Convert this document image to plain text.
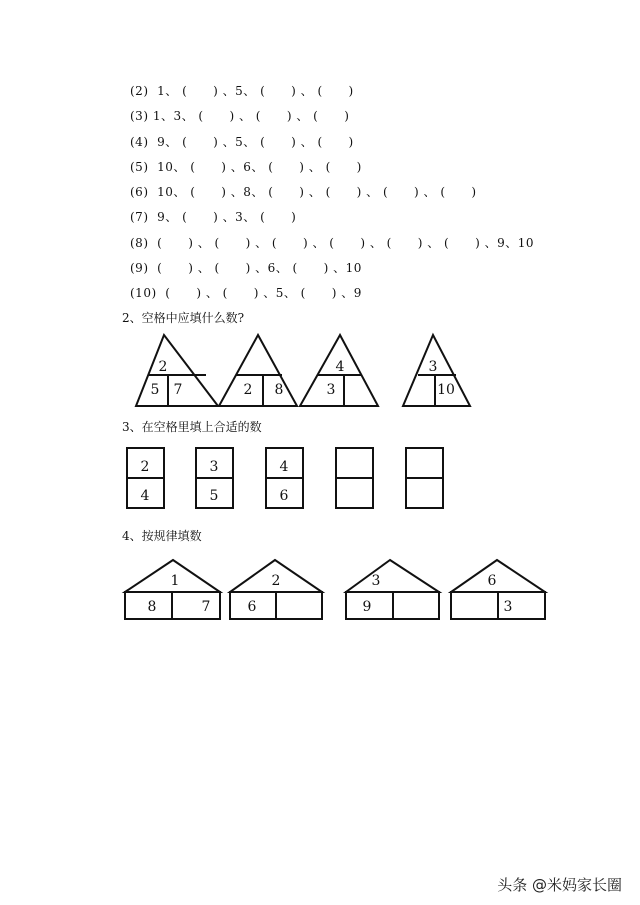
(2)  1、 (      ) 、5、 (      ) 、 (      )
(3) 1、3、 (      ) 、 (      ) 、 (      )
(4)  9、 (      ) 、5、 (      ) 、 (      )
(5)  10、 (      ) 、6、 (      ) 、 (      )
(6)  10、 (      ) 、8、 (      ) 、 (      ) 、 (      ) 、 (      )
(7)  9、 (      ) 、3、 (      )
(8)  (      ) 、 (      ) 、 (      ) 、 (      ) 、 (      ) 、 (      ) 、9、10
(9)  (      ) 、 (      ) 、6、 (      ) 、10
(10)  (      ) 、 (      ) 、5、 (      ) 、9
2、空格中应填什么数?
2
5 7	2 8
4
3
3
10
3、在空格里填上合适的数
2
4
3
5
4
6
4、按规律填数
1
8	7
2
6
3
9
6
3
头条 @米妈家长圈
